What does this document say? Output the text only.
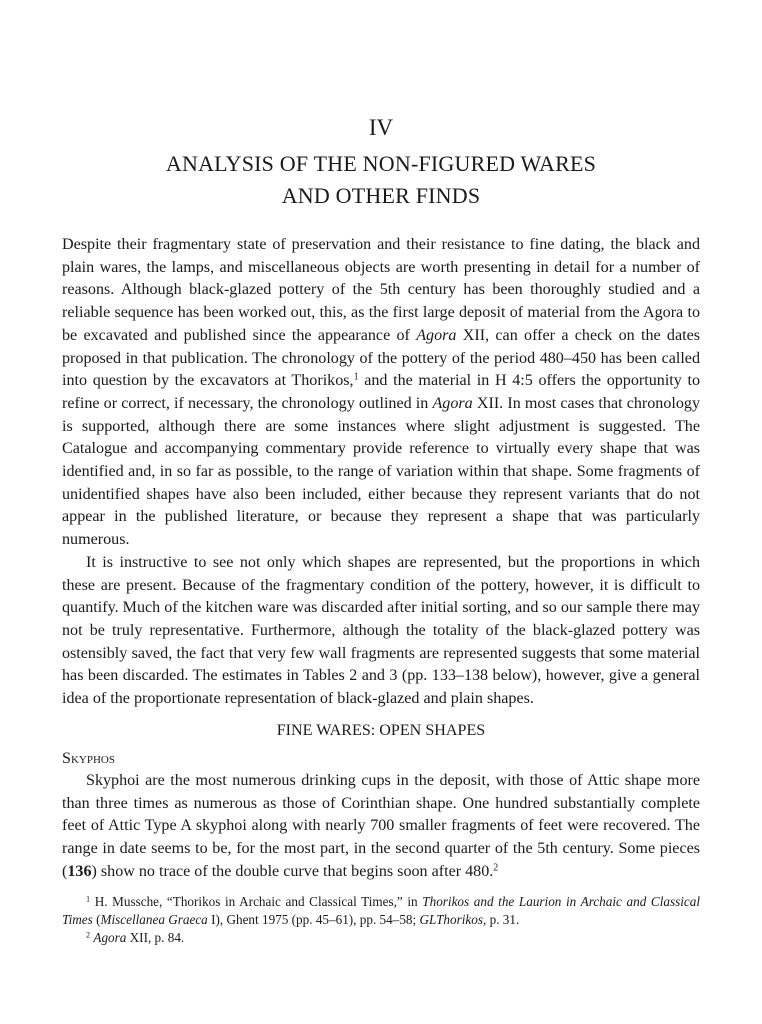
IV
ANALYSIS OF THE NON-FIGURED WARES
AND OTHER FINDS

Despite their fragmentary state of preservation and their resistance to fine dating, the black and plain wares, the lamps, and miscellaneous objects are worth presenting in detail for a number of reasons. Although black-glazed pottery of the 5th century has been thoroughly studied and a reliable sequence has been worked out, this, as the first large deposit of material from the Agora to be excavated and published since the appearance of Agora XII, can offer a check on the dates proposed in that publication. The chronology of the pottery of the period 480–450 has been called into question by the excavators at Thorikos,$^1$ and the material in H 4:5 offers the opportunity to refine or correct, if necessary, the chronology outlined in Agora XII. In most cases that chronology is supported, although there are some instances where slight adjustment is suggested. The Catalogue and accompanying commentary provide reference to virtually every shape that was identified and, in so far as possible, to the range of variation within that shape. Some fragments of unidentified shapes have also been included, either because they represent variants that do not appear in the published literature, or because they represent a shape that was particularly numerous.

It is instructive to see not only which shapes are represented, but the proportions in which these are present. Because of the fragmentary condition of the pottery, however, it is difficult to quantify. Much of the kitchen ware was discarded after initial sorting, and so our sample there may not be truly representative. Furthermore, although the totality of the black-glazed pottery was ostensibly saved, the fact that very few wall fragments are represented suggests that some material has been discarded. The estimates in Tables 2 and 3 (pp. 133–138 below), however, give a general idea of the proportionate representation of black-glazed and plain shapes.

FINE WARES: OPEN SHAPES
Skyphos

Skyphoi are the most numerous drinking cups in the deposit, with those of Attic shape more than three times as numerous as those of Corinthian shape. One hundred substantially complete feet of Attic Type A skyphoi along with nearly 700 smaller fragments of feet were recovered. The range in date seems to be, for the most part, in the second quarter of the 5th century. Some pieces (136) show no trace of the double curve that begins soon after 480.$^2$

$^1$ H. Mussche, “Thorikos in Archaic and Classical Times,” in Thorikos and the Laurion in Archaic and Classical Times (Miscellanea Graeca I), Ghent 1975 (pp. 45–61), pp. 54–58; GLThorikos, p. 31.

$^2$ Agora XII, p. 84.
